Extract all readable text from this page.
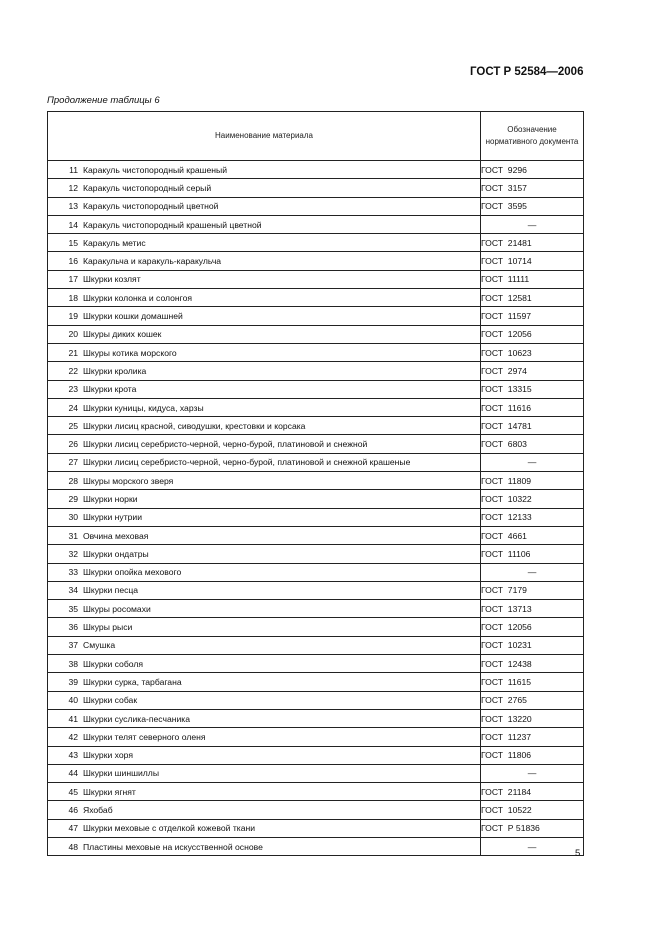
ГОСТ Р 52584—2006
Продолжение таблицы 6
Наименование материала	Обозначение нормативного документа
11 Каракуль чистопородный крашеный	ГОСТ  9296
12 Каракуль чистопородный серый	ГОСТ  3157
13 Каракуль чистопородный цветной	ГОСТ  3595
14 Каракуль чистопородный крашеный цветной	—
15 Каракуль метис	ГОСТ  21481
16 Каракульча и каракуль-каракульча	ГОСТ  10714
17 Шкурки козлят	ГОСТ  11111
18 Шкурки колонка и солонгоя	ГОСТ  12581
19 Шкурки кошки домашней	ГОСТ  11597
20 Шкуры диких кошек	ГОСТ  12056
21 Шкуры котика морского	ГОСТ  10623
22 Шкурки кролика	ГОСТ  2974
23 Шкурки крота	ГОСТ  13315
24 Шкурки куницы, кидуса, харзы	ГОСТ  11616
25 Шкурки лисиц красной, сиводушки, крестовки и корсака	ГОСТ  14781
26 Шкурки лисиц серебристо-черной, черно-бурой, платиновой и снежной	ГОСТ  6803
27 Шкурки лисиц серебристо-черной, черно-бурой, платиновой и снежной крашеные	—
28 Шкуры морского зверя	ГОСТ  11809
29 Шкурки норки	ГОСТ  10322
30 Шкурки нутрии	ГОСТ  12133
31 Овчина меховая	ГОСТ  4661
32 Шкурки ондатры	ГОСТ  11106
33 Шкурки опойка мехового	—
34 Шкурки песца	ГОСТ  7179
35 Шкуры росомахи	ГОСТ  13713
36 Шкуры рыси	ГОСТ  12056
37 Смушка	ГОСТ  10231
38 Шкурки соболя	ГОСТ  12438
39 Шкурки сурка, тарбагана	ГОСТ  11615
40 Шкурки собак	ГОСТ  2765
41 Шкурки суслика-песчаника	ГОСТ  13220
42 Шкурки телят северного оленя	ГОСТ  11237
43 Шкурки хоря	ГОСТ  11806
44 Шкурки шиншиллы	—
45 Шкурки ягнят	ГОСТ  21184
46 Яхобаб	ГОСТ  10522
47 Шкурки меховые с отделкой кожевой ткани	ГОСТ  Р 51836
48 Пластины меховые на искусственной основе	—
5
